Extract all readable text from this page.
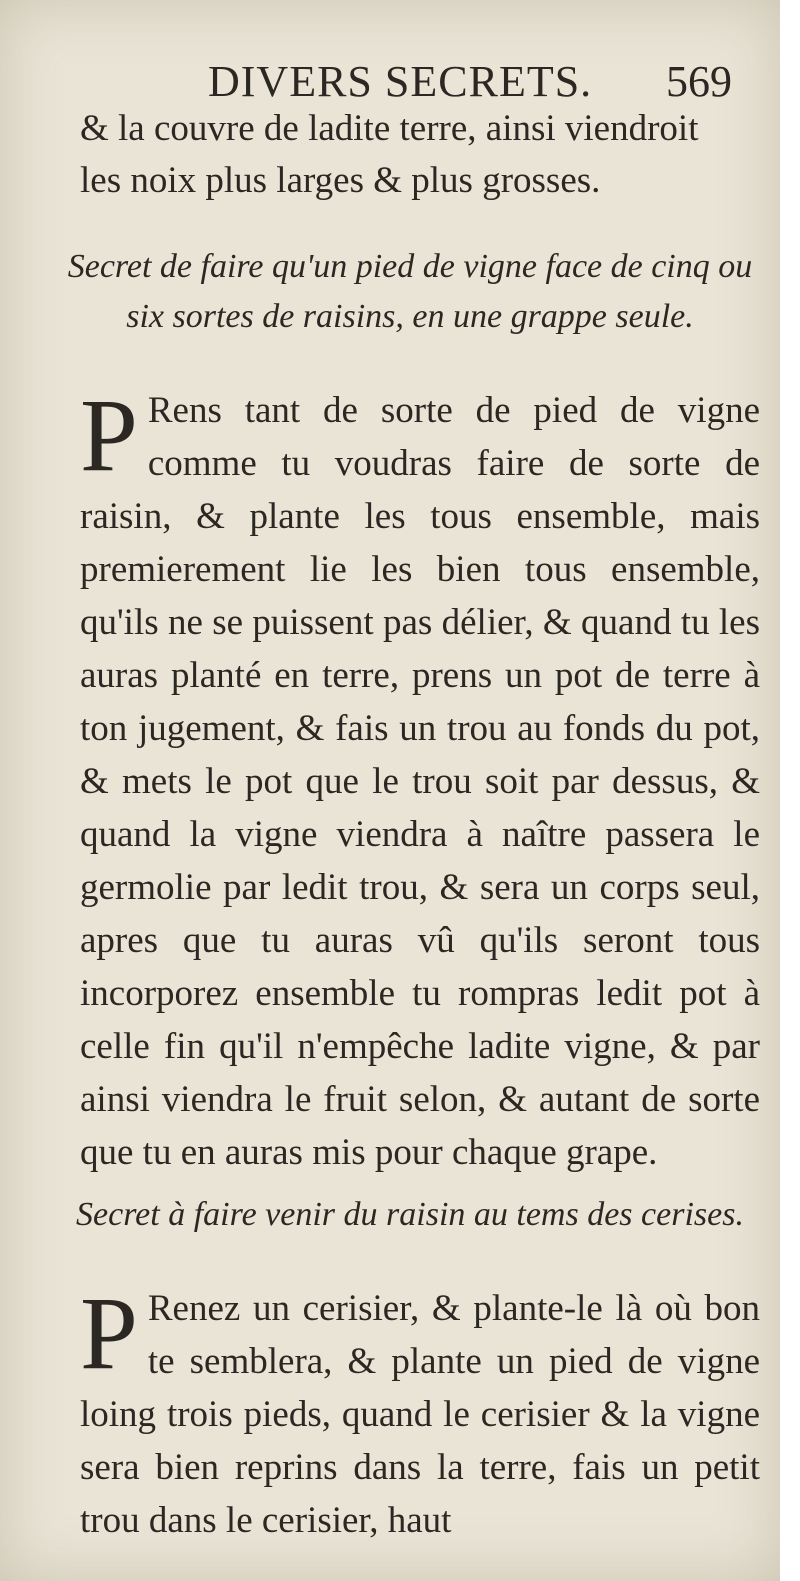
DIVERS SECRETS. 569
& la couvre de ladite terre, ainsi viendroit
les noix plus larges & plus grosses.
Secret de faire qu'un pied de vigne face de cinq ou six sortes de raisins, en une grappe seule.
P Rens tant de sorte de pied de vigne comme tu voudras faire de sorte de raisin, & plante les tous ensemble, mais premierement lie les bien tous ensemble, qu'ils ne se puissent pas délier, & quand tu les auras planté en terre, prens un pot de terre à ton jugement, & fais un trou au fonds du pot, & mets le pot que le trou soit par dessus, & quand la vigne viendra à naître passera le germolie par ledit trou, & sera un corps seul, apres que tu auras vû qu'ils seront tous incorporez ensemble tu rompras ledit pot à celle fin qu'il n'empêche ladite vigne, & par ainsi viendra le fruit selon, & autant de sorte que tu en auras mis pour chaque grape.
Secret à faire venir du raisin au tems des cerises.
P Renez un cerisier, & plante-le là où bon te semblera, & plante un pied de vigne loing trois pieds, quand le cerisier & la vigne sera bien reprins dans la terre, fais un petit trou dans le cerisier, haut
